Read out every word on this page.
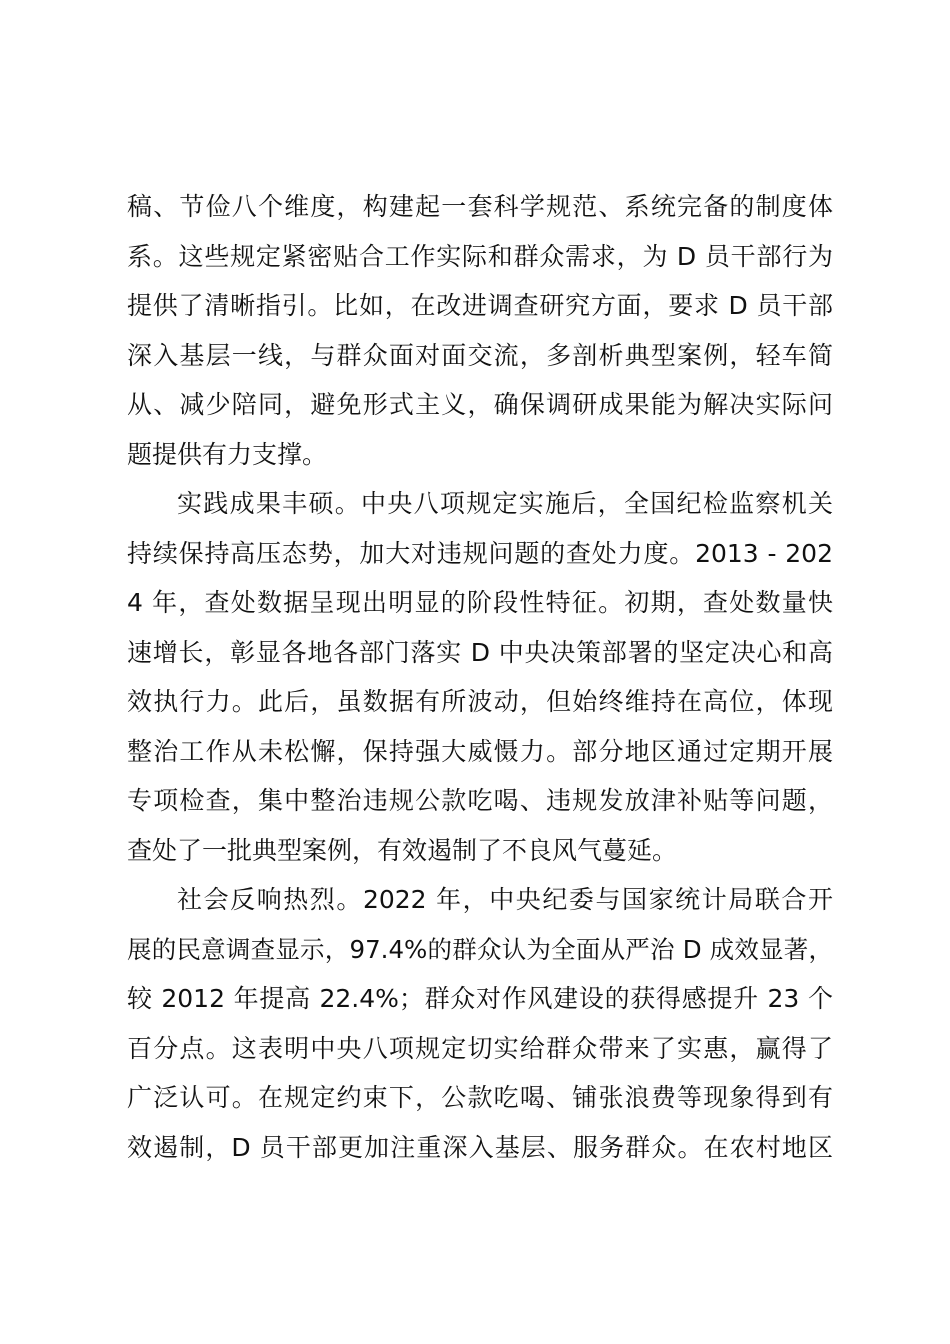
稿、节俭八个维度，构建起一套科学规范、系统完备的制度体
系。这些规定紧密贴合工作实际和群众需求，为 D 员干部行为
提供了清晰指引。比如，在改进调查研究方面，要求 D 员干部
深入基层一线，与群众面对面交流，多剖析典型案例，轻车简
从、减少陪同，避免形式主义，确保调研成果能为解决实际问
题提供有力支撑。
实践成果丰硕。中央八项规定实施后，全国纪检监察机关
持续保持高压态势，加大对违规问题的查处力度。2013 - 202
4 年，查处数据呈现出明显的阶段性特征。初期，查处数量快
速增长，彰显各地各部门落实 D 中央决策部署的坚定决心和高
效执行力。此后，虽数据有所波动，但始终维持在高位，体现
整治工作从未松懈，保持强大威慑力。部分地区通过定期开展
专项检查，集中整治违规公款吃喝、违规发放津补贴等问题，
查处了一批典型案例，有效遏制了不良风气蔓延。
社会反响热烈。2022 年，中央纪委与国家统计局联合开
展的民意调查显示，97.4%的群众认为全面从严治 D 成效显著，
较 2012 年提高 22.4%；群众对作风建设的获得感提升 23 个
百分点。这表明中央八项规定切实给群众带来了实惠，赢得了
广泛认可。在规定约束下，公款吃喝、铺张浪费等现象得到有
效遏制，D 员干部更加注重深入基层、服务群众。在农村地区
